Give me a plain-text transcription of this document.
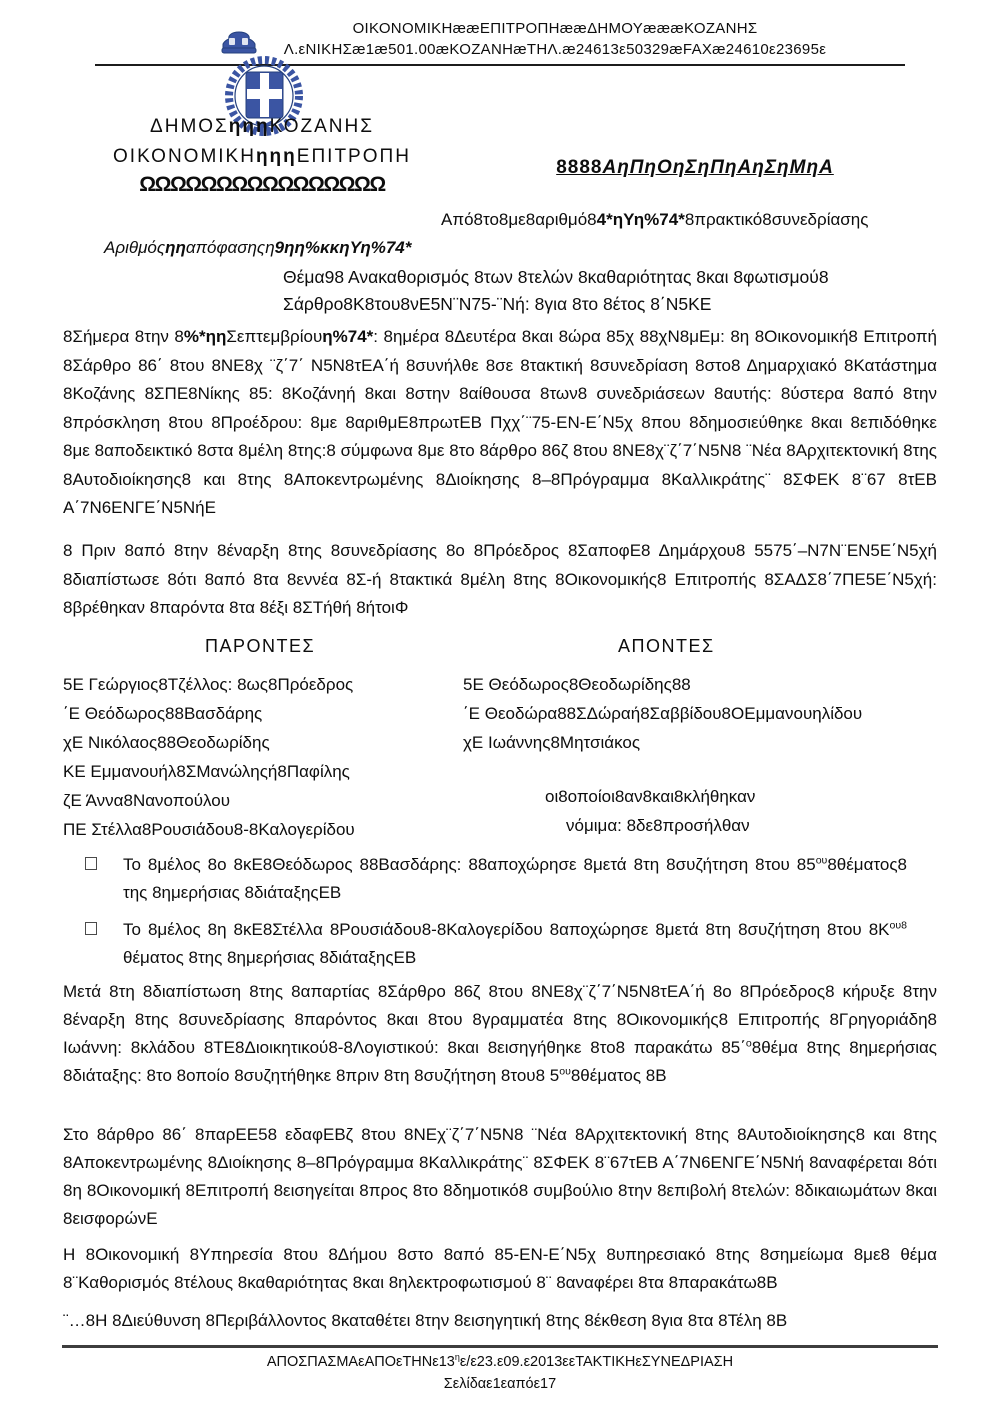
ΟΙΚΟΝΟΜΙΚΗææΕΠΙΤΡΟΠΗææΔΗΜΟΥæææΚΟΖΑΝΗΣ
Λ.εΝΙΚΗΣæ1æ501.00æΚΟΖΑΝΗæΤΗΛ.æ24613ε50329æFAXæ24610ε23695ε
ΔΗΜΟΣηηηΚΟΖΑΝΗΣ
ΟΙΚΟΝΟΜΙΚΗηηηΕΠΙΤΡΟΠΗ
ΩΩΩΩΩΩΩΩΩΩΩΩΩΩΩΩ
8888ΑηΠηΟηΣηΠηΑηΣηΜηΑ
Από8το8με8αριθμό84*ηΥη%74*8πρακτικό8συνεδρίασης
Αριθμόςηηαπόφασηςη9ηη%κκηΥη%74*
Θέμα98 Ανακαθορισμός 8των 8τελών 8καθαριότητας 8και 8φωτισμού8
Σάρθρο8Κ8του8νΕ5Ν¨Ν75-¨Νή: 8για 8το 8έτος 8΄Ν5ΚΕ
8Σήμερα 8την 8%*ηηΣεπτεμβρίουη%74*: 8ημέρα 8Δευτέρα 8και 8ώρα 85χ 88χΝ8μΕμ: 8η 8Οικονομική8 Επιτροπή 8Σάρθρο 86΄ 8του 8ΝΕ8χ ¨ζ΄7΄ Ν5Ν8τΕΑ΄ή 8συνήλθε 8σε 8τακτική 8συνεδρίαση 8στο8 Δημαρχιακό 8Κατάστημα 8Κοζάνης 8ΣΠΕ8Νίκης 85: 8Κοζάνηή 8και 8στην 8αίθουσα 8των8 συνεδριάσεων 8αυτής: 8ύστερα 8από 8την 8πρόσκληση 8του 8Προέδρου: 8με 8αριθμΕ8πρωτΕΒ Πχχ΄¨75-ΕΝ-Ε΄Ν5χ 8που 8δημοσιεύθηκε 8και 8επιδόθηκε 8με 8αποδεικτικό 8στα 8μέλη 8της:8 σύμφωνα 8με 8το 8άρθρο 86ζ 8του 8ΝΕ8χ¨ζ΄7΄Ν5Ν8 ¨Νέα 8Αρχιτεκτονική 8της 8Αυτοδιοίκησης8 και 8της 8Αποκεντρωμένης 8Διοίκησης 8–8Πρόγραμμα 8Καλλικράτης¨ 8ΣΦΕΚ 8¨67 8τΕΒ Α΄7Ν6ΕΝΓΕ΄Ν5ΝήΕ
8 Πριν 8από 8την 8έναρξη 8της 8συνεδρίασης 8ο 8Πρόεδρος 8ΣαποφΕ8 Δημάρχου8 5575΄–Ν7Ν¨ΕΝ5Ε΄Ν5χή 8διαπίστωσε 8ότι 8από 8τα 8εννέα 8Σ-ή 8τακτικά 8μέλη 8της 8Οικονομικής8 Επιτροπής 8ΣΑΔΣ8΄7ΠΕ5Ε΄Ν5χή: 8βρέθηκαν 8παρόντα 8τα 8έξι 8ΣΤήθή 8ήτοιΦ
ΠΑΡΟΝΤΕΣ	ΑΠΟΝΤΕΣ
5Ε Γεώργιος8Τζέλλος: 8ως8Πρόεδρος
΄Ε Θεόδωρος88Βασδάρης
χΕ Νικόλαος88Θεοδωρίδης
ΚΕ Εμμανουήλ8ΣΜανώληςή8Παφίλης
ζΕ Άννα8Νανοπούλου
ΠΕ Στέλλα8Ρουσιάδου8-8Καλογερίδου
5Ε Θεόδωρος8Θεοδωρίδης88
΄Ε Θεοδώρα88ΣΔώραή8Σαββίδου8ΟΕμμανουηλίδου
χΕ Ιωάννης8Μητσιάκος
οι8οποίοι8αν8και8κλήθηκαν
νόμιμα: 8δε8προσήλθαν
Το 8μέλος 8ο 8κΕ8Θεόδωρος 88Βασδάρης: 88αποχώρησε 8μετά 8τη 8συζήτηση 8του $85^{o\upsilon}8\theta έ\mu\alpha\tau o\varsigma 8$ της 8ημερήσιας 8διάταξηςΕΒ
Το 8μέλος 8η 8κΕ8Στέλλα 8Ρουσιάδου8-8Καλογερίδου 8αποχώρησε 8μετά 8τη 8συζήτηση 8του $8K^{o\upsilon 8}$ θέματος 8της 8ημερήσιας 8διάταξηςΕΒ
Μετά 8τη 8διαπίστωση 8της 8απαρτίας 8Σάρθρο 86ζ 8του 8ΝΕ8χ¨ζ΄7΄Ν5Ν8τΕΑ΄ή 8ο 8Πρόεδρος8 κήρυξε 8την 8έναρξη 8της 8συνεδρίασης 8παρόντος 8και 8του 8γραμματέα 8της 8Οικονομικής8 Επιτροπής 8Γρηγοριάδη8 Ιωάννη: 8κλάδου 8ΤΕ8Διοικητικού8-8Λογιστικού: 8και 8εισηγήθηκε 8το8 παρακάτω 85΄$^o$8θέμα 8της 8ημερήσιας 8διάταξης: 8το 8οποίο 8συζητήθηκε 8πριν 8τη 8συζήτηση 8του8 $5^{o\upsilon}8\theta έ\mu\alpha\tau o\varsigma$ 8Β
Στο 8άρθρο 86΄ 8παρΕΕ58 εδαφΕΒζ 8του 8ΝΕχ¨ζ΄7΄Ν5Ν8 ¨Νέα 8Αρχιτεκτονική 8της 8Αυτοδιοίκησης8 και 8της 8Αποκεντρωμένης 8Διοίκησης 8–8Πρόγραμμα 8Καλλικράτης¨ 8ΣΦΕΚ 8¨67τΕΒ Α΄7Ν6ΕΝΓΕ΄Ν5Νή 8αναφέρεται 8ότι 8η 8Οικονομική 8Επιτροπή 8εισηγείται 8προς 8το 8δημοτικό8 συμβούλιο 8την 8επιβολή 8τελών: 8δικαιωμάτων 8και 8εισφορώνΕ
Η 8Οικονομική 8Υπηρεσία 8του 8Δήμου 8στο 8από 85-ΕΝ-Ε΄Ν5χ 8υπηρεσιακό 8της 8σημείωμα 8με8 θέμα 8¨Καθορισμός 8τέλους 8καθαριότητας 8και 8ηλεκτροφωτισμού 8¨ 8αναφέρει 8τα 8παρακάτω8Β
¨…8Η 8Διεύθυνση 8Περιβάλλοντος 8καταθέτει 8την 8εισηγητική 8της 8έκθεση 8για 8τα 8Τέλη 8Β
$A\Pi O\Sigma\Pi A\Sigma MA\varepsilon A\Pi O\varepsilon THN\varepsilon 13^\eta\varepsilon/\varepsilon 23.\varepsilon 09.\varepsilon 2013\varepsilon\varepsilon TAKTIKH\varepsilon\Sigma\Upsilon NE\Delta PIA\Sigma H$
Σελίδαε1εαπόε17
